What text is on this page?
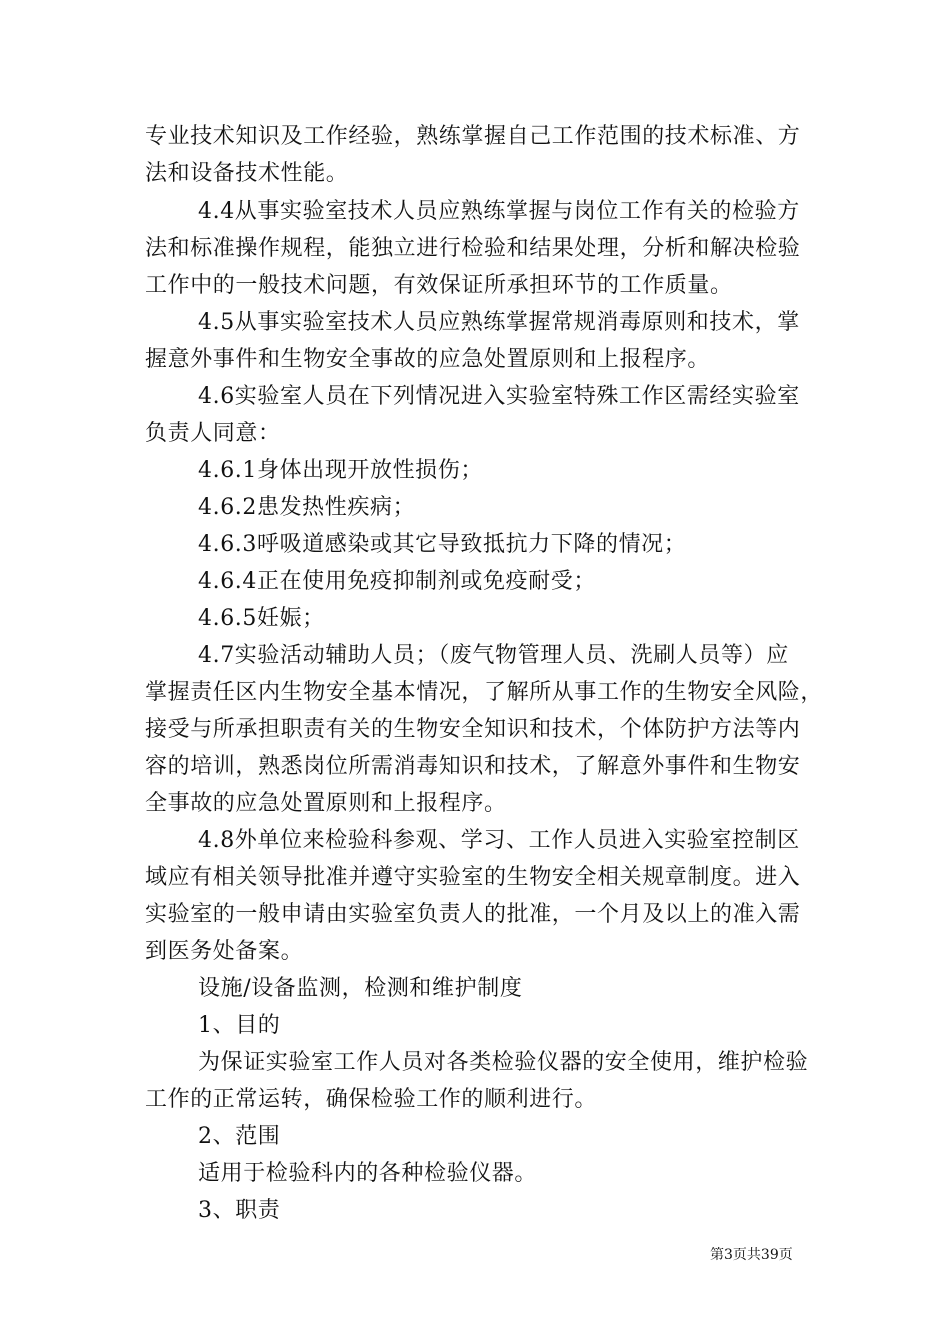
专业技术知识及工作经验，熟练掌握自己工作范围的技术标准、方
法和设备技术性能。
4.4从事实验室技术人员应熟练掌握与岗位工作有关的检验方
法和标准操作规程，能独立进行检验和结果处理，分析和解决检验
工作中的一般技术问题，有效保证所承担环节的工作质量。
4.5从事实验室技术人员应熟练掌握常规消毒原则和技术，掌
握意外事件和生物安全事故的应急处置原则和上报程序。
4.6实验室人员在下列情况进入实验室特殊工作区需经实验室
负责人同意：
4.6.1身体出现开放性损伤；
4.6.2患发热性疾病；
4.6.3呼吸道感染或其它导致抵抗力下降的情况；
4.6.4正在使用免疫抑制剂或免疫耐受；
4.6.5妊娠；
4.7实验活动辅助人员；（废气物管理人员、洗刷人员等）应
掌握责任区内生物安全基本情况，了解所从事工作的生物安全风险，
接受与所承担职责有关的生物安全知识和技术，个体防护方法等内
容的培训，熟悉岗位所需消毒知识和技术，了解意外事件和生物安
全事故的应急处置原则和上报程序。
4.8外单位来检验科参观、学习、工作人员进入实验室控制区
域应有相关领导批准并遵守实验室的生物安全相关规章制度。进入
实验室的一般申请由实验室负责人的批准，一个月及以上的准入需
到医务处备案。
设施/设备监测，检测和维护制度
1、目的
为保证实验室工作人员对各类检验仪器的安全使用，维护检验
工作的正常运转，确保检验工作的顺利进行。
2、范围
适用于检验科内的各种检验仪器。
3、职责
第3页共39页
